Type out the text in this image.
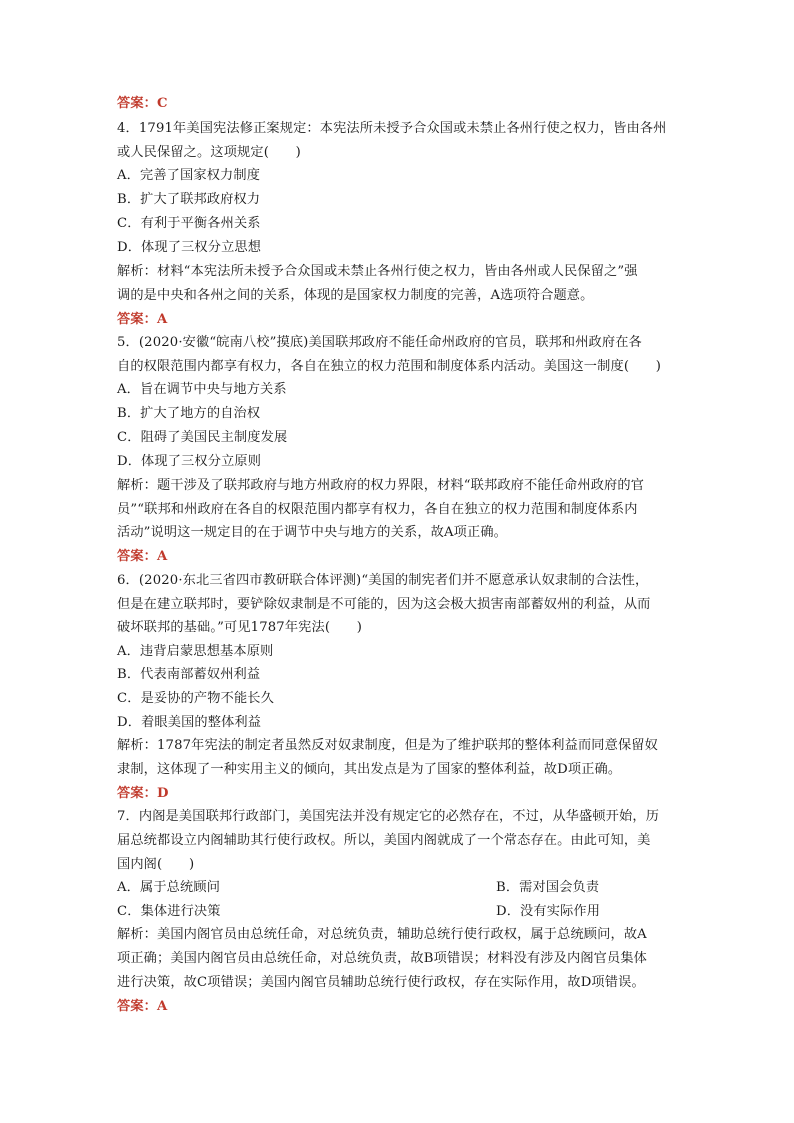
答案：C
4．1791年美国宪法修正案规定：本宪法所未授予合众国或未禁止各州行使之权力，皆由各州
或人民保留之。这项规定(　　)
A．完善了国家权力制度
B．扩大了联邦政府权力
C．有利于平衡各州关系
D．体现了三权分立思想
解析：材料“本宪法所未授予合众国或未禁止各州行使之权力，皆由各州或人民保留之”强
调的是中央和各州之间的关系，体现的是国家权力制度的完善，A选项符合题意。
答案：A
5．(2020·安徽“皖南八校”摸底)美国联邦政府不能任命州政府的官员，联邦和州政府在各
自的权限范围内都享有权力，各自在独立的权力范围和制度体系内活动。美国这一制度(　　)
A．旨在调节中央与地方关系
B．扩大了地方的自治权
C．阻碍了美国民主制度发展
D．体现了三权分立原则
解析：题干涉及了联邦政府与地方州政府的权力界限，材料“联邦政府不能任命州政府的官
员”“联邦和州政府在各自的权限范围内都享有权力，各自在独立的权力范围和制度体系内
活动”说明这一规定目的在于调节中央与地方的关系，故A项正确。
答案：A
6．(2020·东北三省四市教研联合体评测)“美国的制宪者们并不愿意承认奴隶制的合法性，
但是在建立联邦时，要铲除奴隶制是不可能的，因为这会极大损害南部蓄奴州的利益，从而
破坏联邦的基础。”可见1787年宪法(　　)
A．违背启蒙思想基本原则
B．代表南部蓄奴州利益
C．是妥协的产物不能长久
D．着眼美国的整体利益
解析：1787年宪法的制定者虽然反对奴隶制度，但是为了维护联邦的整体利益而同意保留奴
隶制，这体现了一种实用主义的倾向，其出发点是为了国家的整体利益，故D项正确。
答案：D
7．内阁是美国联邦行政部门，美国宪法并没有规定它的必然存在，不过，从华盛顿开始，历
届总统都设立内阁辅助其行使行政权。所以，美国内阁就成了一个常态存在。由此可知，美
国内阁(　　)
A．属于总统顾问	B．需对国会负责
C．集体进行决策	D．没有实际作用
解析：美国内阁官员由总统任命，对总统负责，辅助总统行使行政权，属于总统顾问，故A
项正确；美国内阁官员由总统任命，对总统负责，故B项错误；材料没有涉及内阁官员集体
进行决策，故C项错误；美国内阁官员辅助总统行使行政权，存在实际作用，故D项错误。
答案：A
